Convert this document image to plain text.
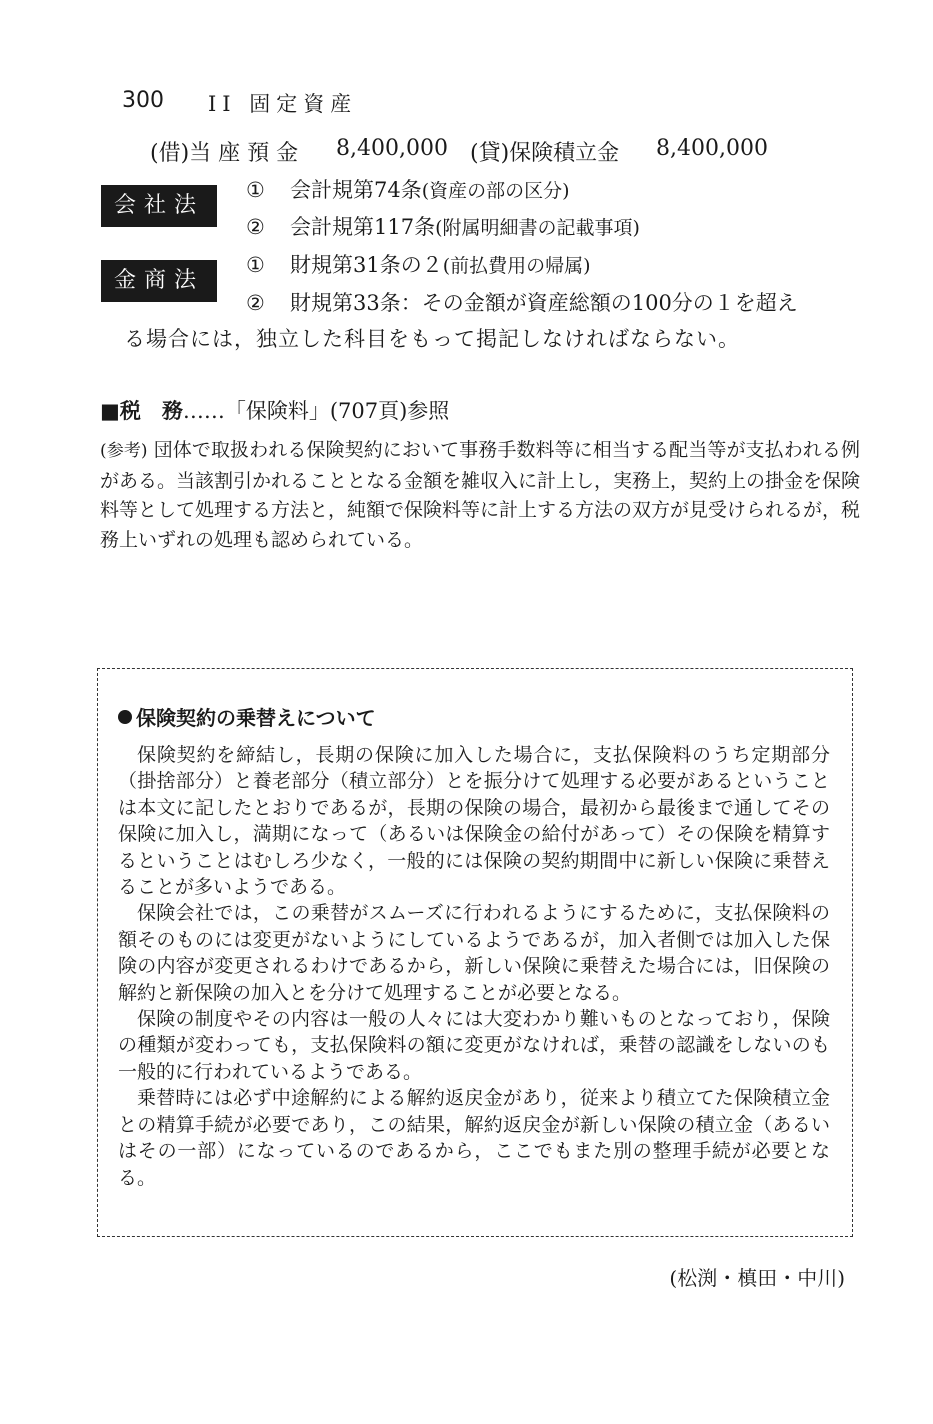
300 II 固定資産
(借)当 座 預 金 8,400,000 (貸)保険積立金 8,400,000
会社法
① 会計規第74条(資産の部の区分)
② 会計規第117条(附属明細書の記載事項)
金商法
① 財規第31条の２(前払費用の帰属)
② 財規第33条：その金額が資産総額の100分の１を超え
る場合には，独立した科目をもって掲記しなければならない。
■税　務……「保険料」(707頁)参照
(参考) 団体で取扱われる保険契約において事務手数料等に相当する配当等が支払われる例がある。当該割引かれることとなる金額を雑収入に計上し，実務上，契約上の掛金を保険料等として処理する方法と，純額で保険料等に計上する方法の双方が見受けられるが，税務上いずれの処理も認められている。
保険契約の乗替えについて

保険契約を締結し，長期の保険に加入した場合に，支払保険料のうち定期部分（掛捨部分）と養老部分（積立部分）とを振分けて処理する必要があるということは本文に記したとおりであるが，長期の保険の場合，最初から最後まで通してその保険に加入し，満期になって（あるいは保険金の給付があって）その保険を精算するということはむしろ少なく，一般的には保険の契約期間中に新しい保険に乗替えることが多いようである。

保険会社では，この乗替がスムーズに行われるようにするために，支払保険料の額そのものには変更がないようにしているようであるが，加入者側では加入した保険の内容が変更されるわけであるから，新しい保険に乗替えた場合には，旧保険の解約と新保険の加入とを分けて処理することが必要となる。

保険の制度やその内容は一般の人々には大変わかり難いものとなっており，保険の種類が変わっても，支払保険料の額に変更がなければ，乗替の認識をしないのも一般的に行われているようである。

乗替時には必ず中途解約による解約返戻金があり，従来より積立てた保険積立金との精算手続が必要であり，この結果，解約返戻金が新しい保険の積立金（あるいはその一部）になっているのであるから，ここでもまた別の整理手続が必要となる。

(松渕・槙田・中川)
